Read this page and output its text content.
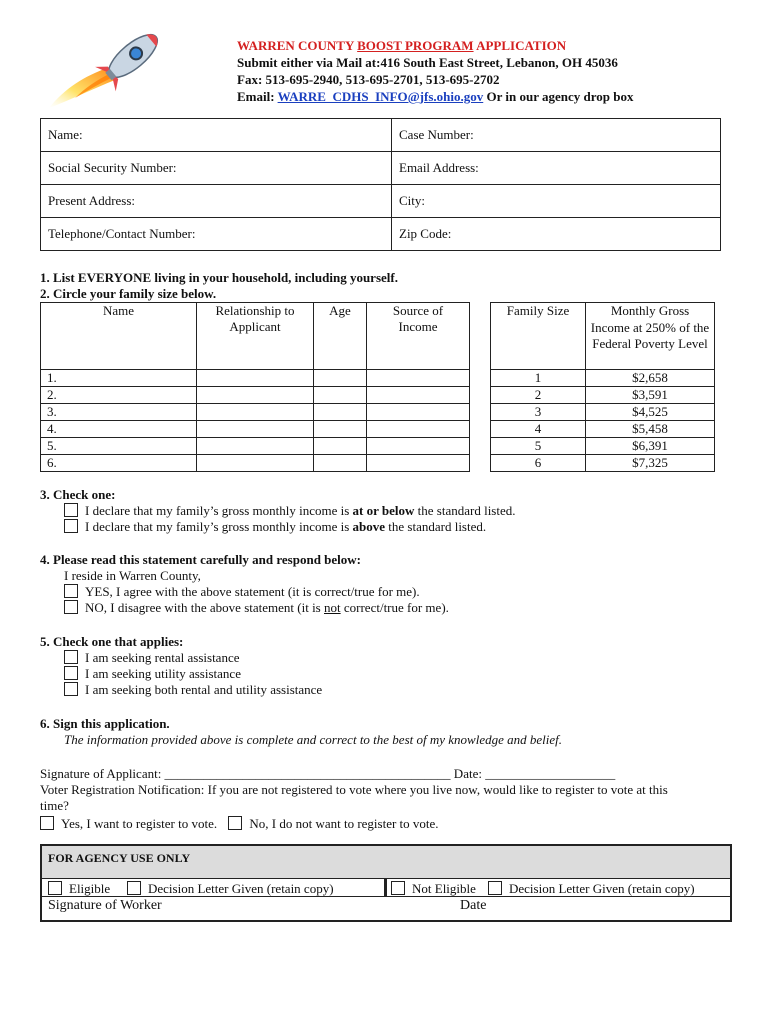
WARREN COUNTY BOOST PROGRAM APPLICATION
Submit either via Mail at:416 South East Street, Lebanon, OH 45036
Fax: 513-695-2940, 513-695-2701, 513-695-2702
Email: WARRE_CDHS_INFO@jfs.ohio.gov Or in our agency drop box
Name:	Case Number:
Social Security Number:	Email Address:
Present Address:	City:
Telephone/Contact Number:	Zip Code:
1. List EVERYONE living in your household, including yourself.
2. Circle your family size below.
Name	Relationship to Applicant	Age	Source of Income
1.			
2.			
3.			
4.			
5.			
6.			
Family Size	Monthly Gross Income at 250% of the Federal Poverty Level
1	$2,658
2	$3,591
3	$4,525
4	$5,458
5	$6,391
6	$7,325
3. Check one:
I declare that my family’s gross monthly income is at or below the standard listed.
I declare that my family’s gross monthly income is above the standard listed.
4. Please read this statement carefully and respond below:
I reside in Warren County,
YES, I agree with the above statement (it is correct/true for me).
NO, I disagree with the above statement (it is not correct/true for me).
5. Check one that applies:
I am seeking rental assistance
I am seeking utility assistance
I am seeking both rental and utility assistance
6. Sign this application.
The information provided above is complete and correct to the best of my knowledge and belief.
Signature of Applicant: ____________________________________________ Date: ____________________
Voter Registration Notification: If you are not registered to vote where you live now, would like to register to vote at this
time?
Yes, I want to register to vote. No, I do not want to register to vote.
FOR AGENCY USE ONLY
Eligible	Decision Letter Given (retain copy)	Not Eligible	Decision Letter Given (retain copy)
Signature of Worker	Date
